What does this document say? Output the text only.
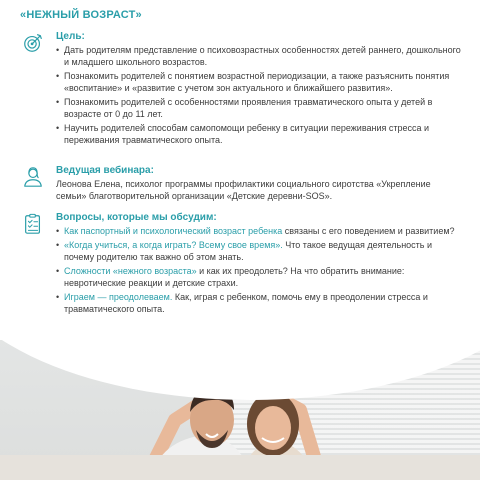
«НЕЖНЫЙ ВОЗРАСТ»
Цель:
• Дать родителям представление о психовозрастных особенностях детей раннего, дошкольного и младшего школьного возрастов.
• Познакомить родителей с понятием возрастной периодизации, а также разъяснить понятия «воспитание» и «развитие с учетом зон актуального и ближайшего развития».
• Познакомить родителей с особенностями проявления травматического опыта у детей в возрасте от 0 до 11 лет.
• Научить родителей способам самопомощи ребенку в ситуации переживания стресса и переживания травматического опыта.
Ведущая вебинара:
Леонова Елена, психолог программы профилактики социального сиротства «Укрепление семьи» благотворительной организации «Детские деревни-SOS».
Вопросы, которые мы обсудим:
• Как паспортный и психологический возраст ребенка связаны с его поведением и развитием?
• «Когда учиться, а когда играть? Всему свое время». Что такое ведущая деятельность и почему родителю так важно об этом знать.
• Сложности «нежного возраста» и как их преодолеть? На что обратить внимание: невротические реакции и детские страхи.
• Играем — преодолеваем. Как, играя с ребенком, помочь ему в преодолении стресса и травматического опыта.
